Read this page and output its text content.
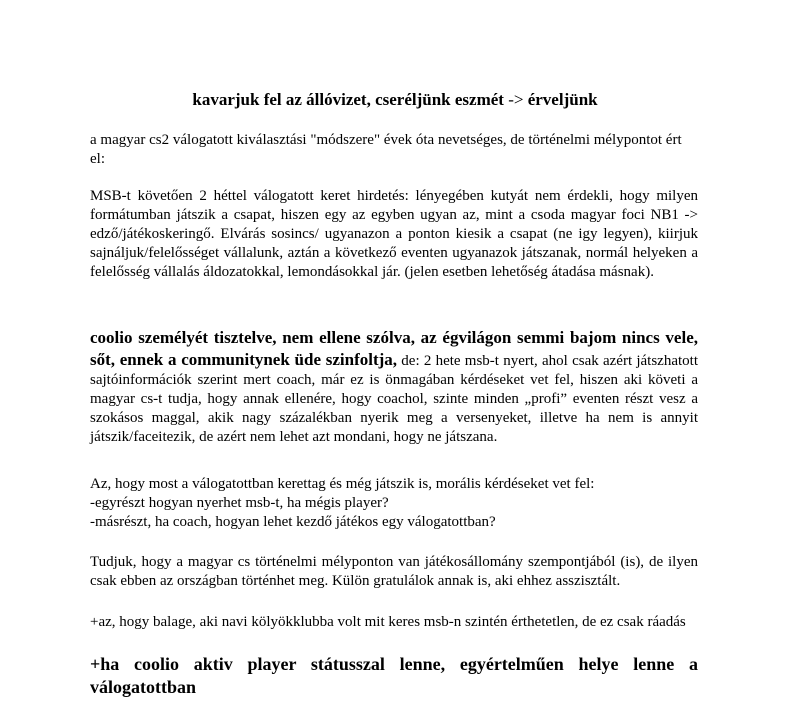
kavarjuk fel az állóvizet, cseréljünk eszmét -> érveljünk

a magyar cs2 válogatott kiválasztási "módszere" évek óta nevetséges, de történelmi mélypontot ért el:

MSB-t követően 2 héttel válogatott keret hirdetés: lényegében kutyát nem érdekli, hogy milyen formátumban játszik a csapat, hiszen egy az egyben ugyan az, mint a csoda magyar foci NB1 -> edző/játékoskeringő. Elvárás sosincs/ ugyanazon a ponton kiesik a csapat (ne igy legyen), kiirjuk sajnáljuk/felelősséget vállalunk, aztán a következő eventen ugyanazok játszanak, normál helyeken a felelősség vállalás áldozatokkal, lemondásokkal jár. (jelen esetben lehetőség átadása másnak).

coolio személyét tisztelve, nem ellene szólva, az égvilágon semmi bajom nincs vele, sőt, ennek a communitynek üde szinfoltja, de: 2 hete msb-t nyert, ahol csak azért játszhatott sajtóinformációk szerint mert coach, már ez is önmagában kérdéseket vet fel, hiszen aki követi a magyar cs-t tudja, hogy annak ellenére, hogy coachol, szinte minden „profi” eventen részt vesz a szokásos maggal, akik nagy százalékban nyerik meg a versenyeket, illetve ha nem is annyit játszik/faceitezik, de azért nem lehet azt mondani, hogy ne játszana.

Az, hogy most a válogatottban kerettag és még játszik is, morális kérdéseket vet fel:
-egyrészt hogyan nyerhet msb-t, ha mégis player?
-másrészt, ha coach, hogyan lehet kezdő játékos egy válogatottban?

Tudjuk, hogy a magyar cs történelmi mélyponton van játékosállomány szempontjából (is), de ilyen csak ebben az országban történhet meg. Külön gratulálok annak is, aki ehhez asszisztált.

+az, hogy balage, aki navi kölyökklubba volt mit keres msb-n szintén érthetetlen, de ez csak ráadás

+ha coolio aktiv player státusszal lenne, egyértelműen helye lenne a válogatottban
